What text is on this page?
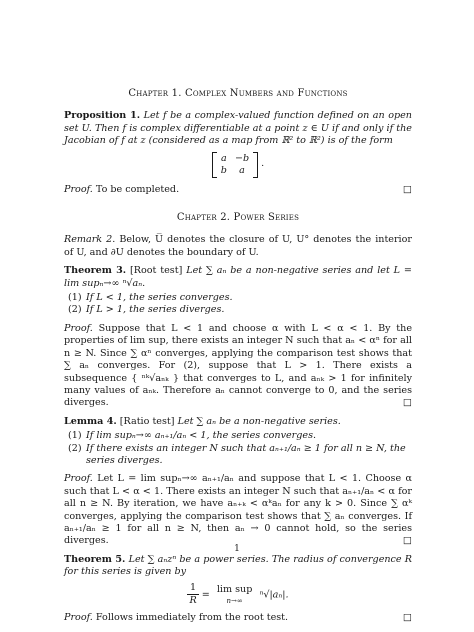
Chapter 1. Complex Numbers and Functions
Proposition 1. Let f be a complex-valued function defined on an open set U. Then f is complex differentiable at a point z ∈ U if and only if the Jacobian of f at z (considered as a map from ℝ² to ℝ²) is of the form
a	−b
b	a
.
Proof. To be completed.	□
Chapter 2. Power Series
Remark 2. Below, U̅ denotes the closure of U, U° denotes the interior of U, and ∂U denotes the boundary of U.
Theorem 3. [Root test] Let ∑ aₙ be a non-negative series and let L = lim supₙ→∞ ⁿ√aₙ.
(1) If L < 1, the series converges.
(2) If L > 1, the series diverges.
Proof. Suppose that L < 1 and choose α with L < α < 1. By the properties of lim sup, there exists an integer N such that aₙ < αⁿ for all n ≥ N. Since ∑ αⁿ converges, applying the comparison test shows that ∑ aₙ converges. For (2), suppose that L > 1. There exists a subsequence { ⁿᵏ√aₙₖ } that converges to L, and aₙₖ > 1 for infinitely many values of aₙₖ. Therefore aₙ cannot converge to 0, and the series diverges.	□
Lemma 4. [Ratio test] Let ∑ aₙ be a non-negative series.
(1) If lim supₙ→∞ aₙ₊₁/aₙ < 1, the series converges.
(2) If there exists an integer N such that aₙ₊₁/aₙ ≥ 1 for all n ≥ N, the series diverges.
Proof. Let L = lim supₙ→∞ aₙ₊₁/aₙ and suppose that L < 1. Choose α such that L < α < 1. There exists an integer N such that aₙ₊₁/aₙ < α for all n ≥ N. By iteration, we have aₙ₊ₖ < αᵏaₙ for any k > 0. Since ∑ αᵏ converges, applying the comparison test shows that ∑ aₙ converges. If aₙ₊₁/aₙ ≥ 1 for all n ≥ N, then aₙ → 0 cannot hold, so the series diverges.	□
Theorem 5. Let ∑ aₙzⁿ be a power series. The radius of convergence R for this series is given by
$\frac{1}{R} = \lim$ sup
n→∞
ⁿ√|aₙ|.
Proof. Follows immediately from the root test.	□
1
